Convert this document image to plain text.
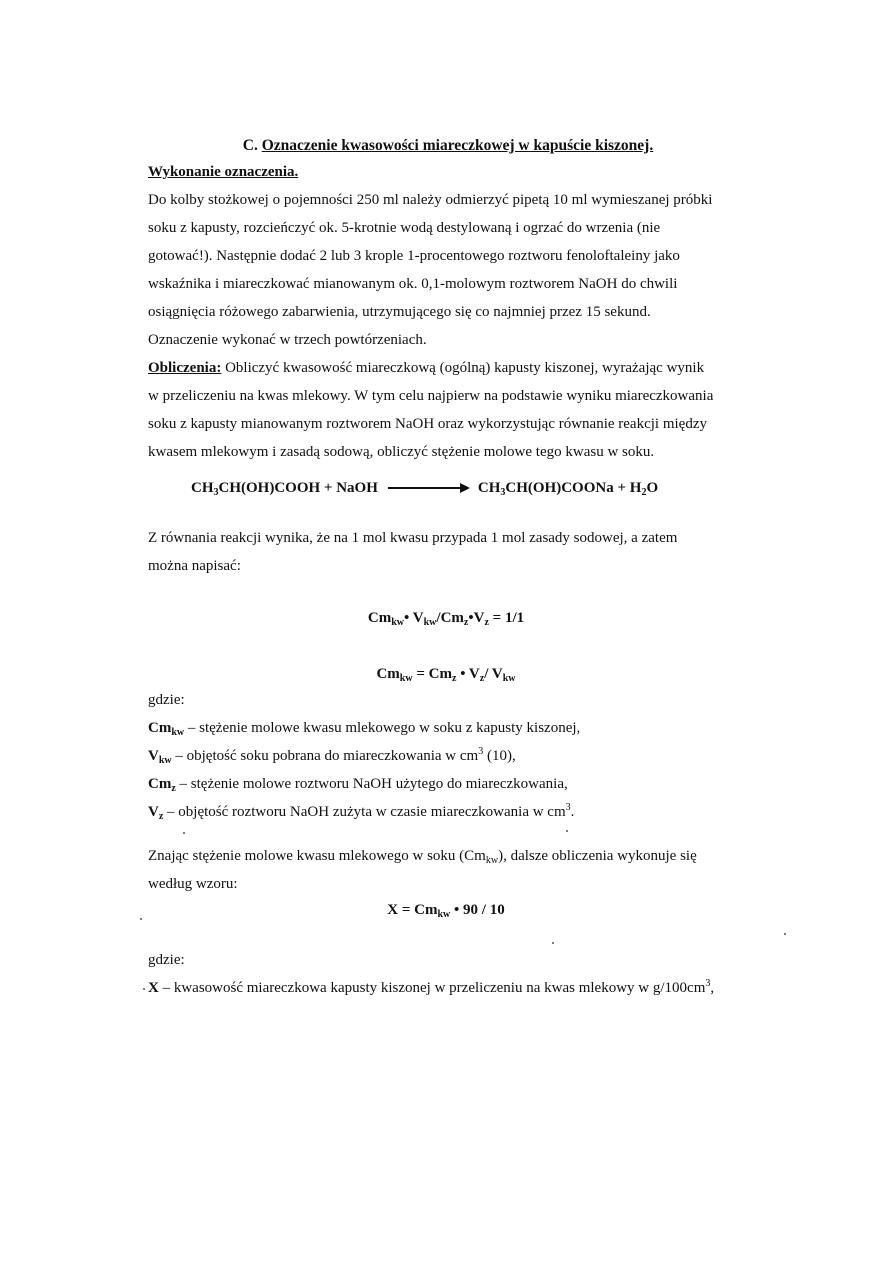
C. Oznaczenie kwasowości miareczkowej w kapuście kiszonej.
Wykonanie oznaczenia.
Do kolby stożkowej o pojemności 250 ml należy odmierzyć pipetą 10 ml wymieszanej próbki
soku z kapusty, rozcieńczyć ok. 5-krotnie wodą destylowaną i ogrzać do wrzenia (nie
gotować!). Następnie dodać 2 lub 3 krople 1-procentowego roztworu fenoloftaleiny jako
wskaźnika i miareczkować mianowanym ok. 0,1-molowym roztworem NaOH do chwili
osiągnięcia różowego zabarwienia, utrzymującego się co najmniej przez 15 sekund.
Oznaczenie wykonać w trzech powtórzeniach.
Obliczenia: Obliczyć kwasowość miareczkową (ogólną) kapusty kiszonej, wyrażając wynik
w przeliczeniu na kwas mlekowy. W tym celu najpierw na podstawie wyniku miareczkowania
soku z kapusty mianowanym roztworem NaOH oraz wykorzystując równanie reakcji między
kwasem mlekowym i zasadą sodową, obliczyć stężenie molowe tego kwasu w soku.
$CH_3CH(OH)COOH$ + NaOH	$CH_3CH(OH)COONa + H_2O$
Z równania reakcji wynika, że na 1 mol kwasu przypada 1 mol zasady sodowej, a zatem
można napisać:
$Cm_{kw}•$ $V_{kw}/Cm_z•V_z = 1/1$
$Cm_{kw} = Cm_z$ • $V_z/$ $V_{kw}$
gdzie:
$Cm_{kw}$ – stężenie molowe kwasu mlekowego w soku z kapusty kiszonej,
$V_{kw}$ – objętość soku pobrana do miareczkowania w $cm^3$ (10),
$Cm_z$ – stężenie molowe roztworu NaOH użytego do miareczkowania,
$V_z$ – objętość roztworu NaOH zużyta w czasie miareczkowania w $cm^3$.
Znając stężenie molowe kwasu mlekowego w soku $(Cm_{kw})$, dalsze obliczenia wykonuje się
według wzoru:
$X = Cm_{kw}$ • 90 / 10
gdzie:
X – kwasowość miareczkowa kapusty kiszonej w przeliczeniu na kwas mlekowy w $g/100cm^3$,
